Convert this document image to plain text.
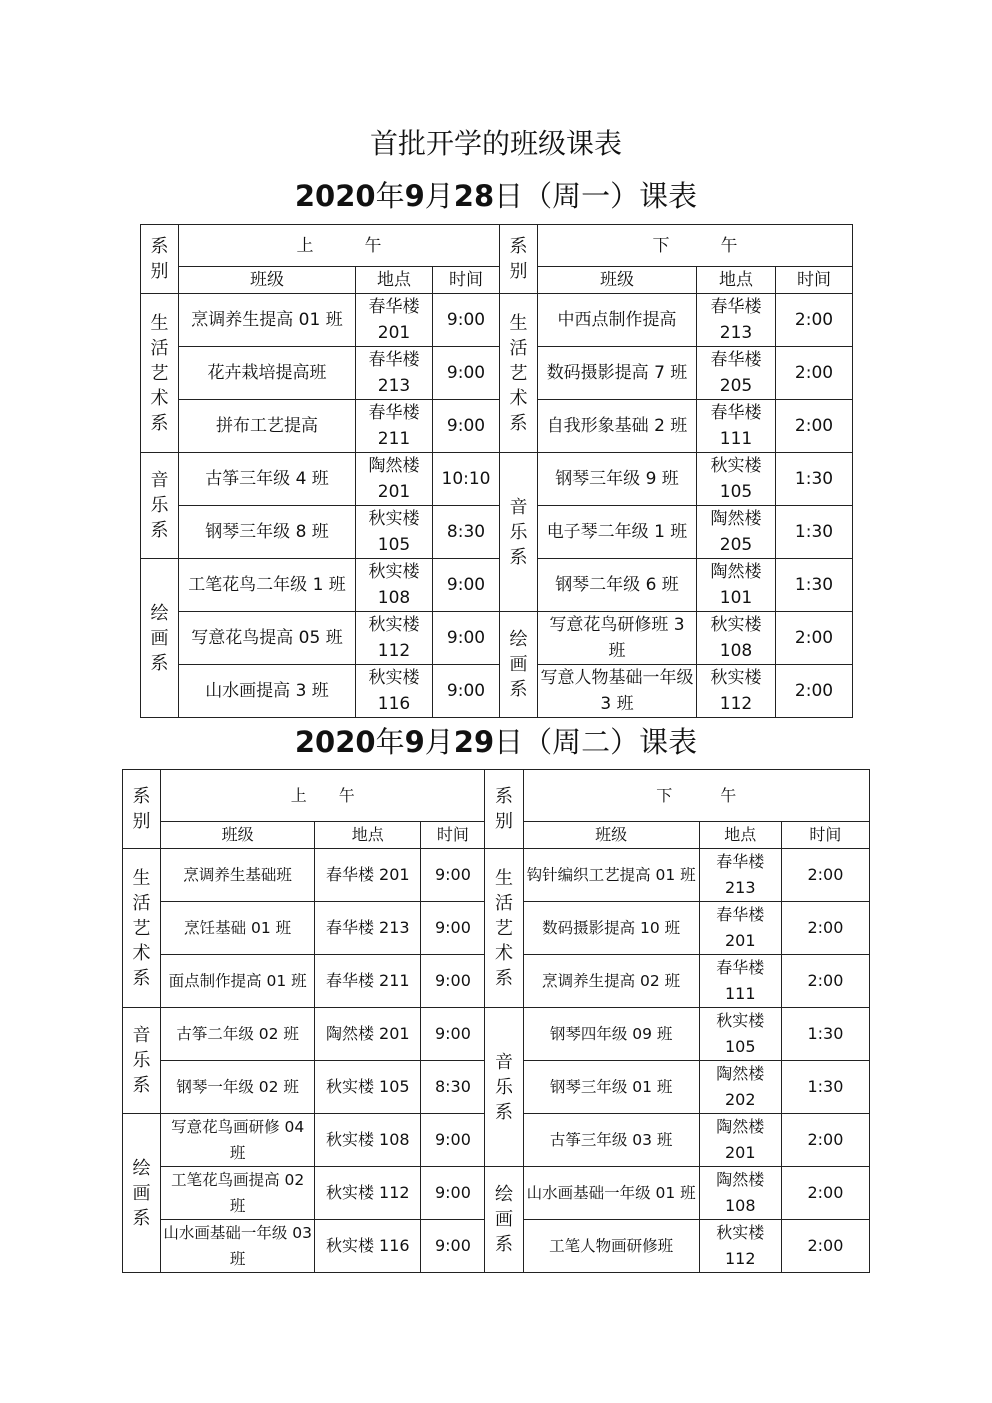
首批开学的班级课表
2020年9月28日（周一）课表
系别	上　　　午			系别	下　　　午		
	班级	地点	时间		班级	地点	时间
生活艺术系	烹调养生提高 01 班	春华楼 201	9:00	生活艺术系	中西点制作提高	春华楼 213	2:00
	花卉栽培提高班	春华楼 213	9:00		数码摄影提高 7 班	春华楼 205	2:00
	拼布工艺提高	春华楼 211	9:00		自我形象基础 2 班	春华楼 111	2:00
音乐系	古筝三年级 4 班	陶然楼 201	10:10	音乐系	钢琴三年级 9 班	秋实楼 105	1:30
	钢琴三年级 8 班	秋实楼 105	8:30		电子琴二年级 1 班	陶然楼 205	1:30
绘画系	工笔花鸟二年级 1 班	秋实楼 108	9:00		钢琴二年级 6 班	陶然楼 101	1:30
	写意花鸟提高 05 班	秋实楼 112	9:00	绘画系	写意花鸟研修班 3 班	秋实楼 108	2:00
	山水画提高 3 班	秋实楼 116	9:00		写意人物基础一年级 3 班	秋实楼 112	2:00
2020年9月29日（周二）课表
系别	上　　午			系别	下　　　午		
	班级	地点	时间		班级	地点	时间
生活艺术系	烹调养生基础班	春华楼 201	9:00	生活艺术系	钩针编织工艺提高 01 班	春华楼 213	2:00
	烹饪基础 01 班	春华楼 213	9:00		数码摄影提高 10 班	春华楼 201	2:00
	面点制作提高 01 班	春华楼 211	9:00		烹调养生提高 02 班	春华楼 111	2:00
音乐系	古筝二年级 02 班	陶然楼 201	9:00	音乐系	钢琴四年级 09 班	秋实楼 105	1:30
	钢琴一年级 02 班	秋实楼 105	8:30		钢琴三年级 01 班	陶然楼 202	1:30
绘画系	写意花鸟画研修 04 班	秋实楼 108	9:00		古筝三年级 03 班	陶然楼 201	2:00
	工笔花鸟画提高 02 班	秋实楼 112	9:00	绘画系	山水画基础一年级 01 班	陶然楼 108	2:00
	山水画基础一年级 03 班	秋实楼 116	9:00		工笔人物画研修班	秋实楼 112	2:00
